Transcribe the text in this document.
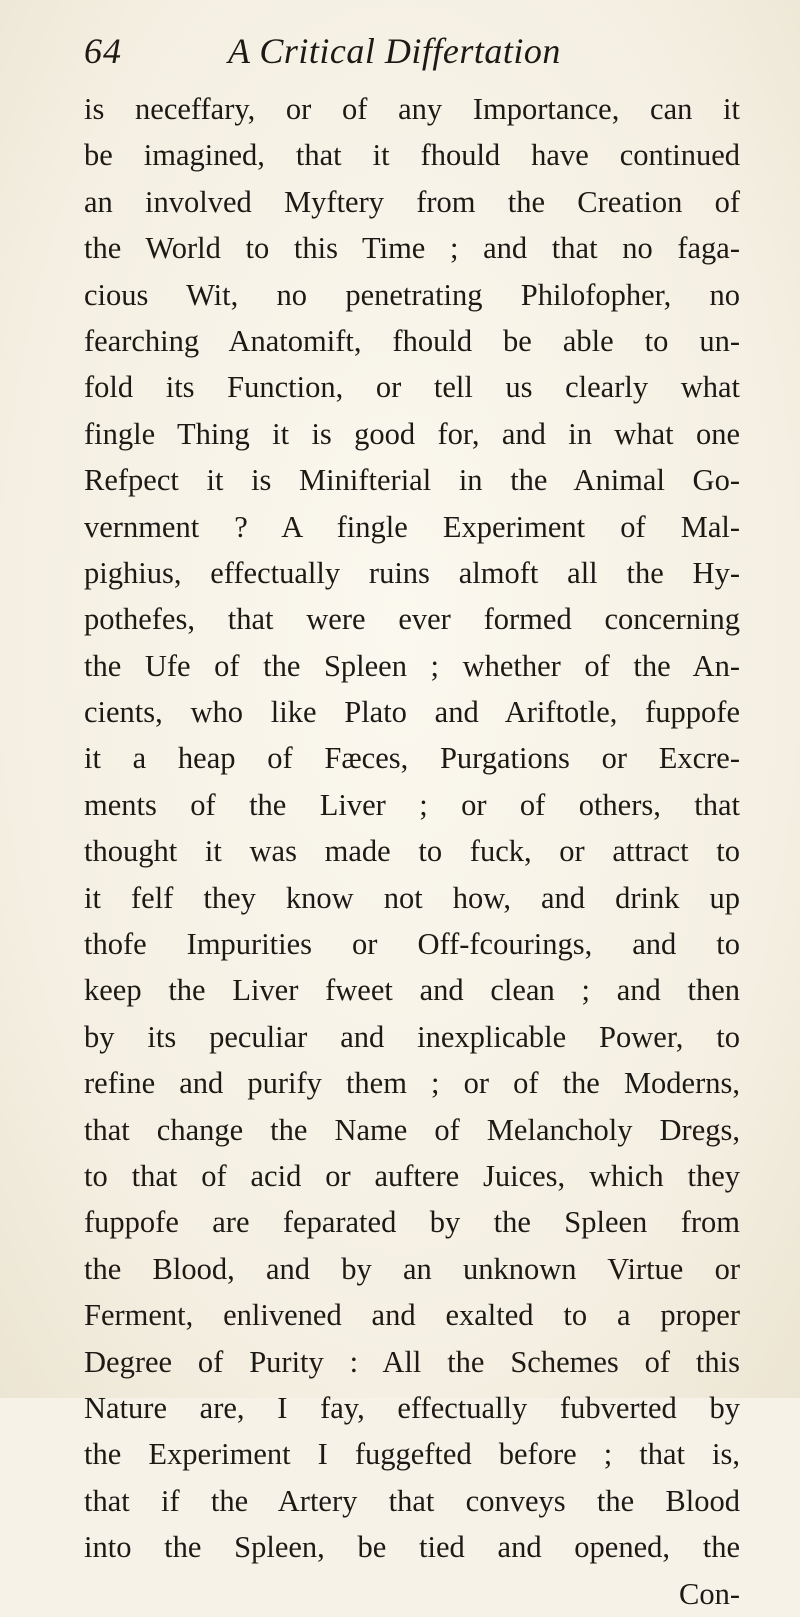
64	A Critical Differtation
is neceffary, or of any Importance, can it
be imagined, that it fhould have continued
an involved Myftery from the Creation of
the World to this Time ; and that no faga-
cious Wit, no penetrating Philofopher, no
fearching Anatomift, fhould be able to un-
fold its Function, or tell us clearly what
fingle Thing it is good for, and in what one
Refpect it is Minifterial in the Animal Go-
vernment ? A fingle Experiment of Mal-
pighius, effectually ruins almoft all the Hy-
pothefes, that were ever formed concerning
the Ufe of the Spleen ; whether of the An-
cients, who like Plato and Ariftotle, fuppofe
it a heap of Fæces, Purgations or Excre-
ments of the Liver ; or of others, that
thought it was made to fuck, or attract to
it felf they know not how, and drink up
thofe Impurities or Off-fcourings, and to
keep the Liver fweet and clean ; and then
by its peculiar and inexplicable Power, to
refine and purify them ; or of the Moderns,
that change the Name of Melancholy Dregs,
to that of acid or auftere Juices, which they
fuppofe are feparated by the Spleen from
the Blood, and by an unknown Virtue or
Ferment, enlivened and exalted to a proper
Degree of Purity : All the Schemes of this
Nature are, I fay, effectually fubverted by
the Experiment I fuggefted before ; that is,
that if the Artery that conveys the Blood
into the Spleen, be tied and opened, the
Con-
